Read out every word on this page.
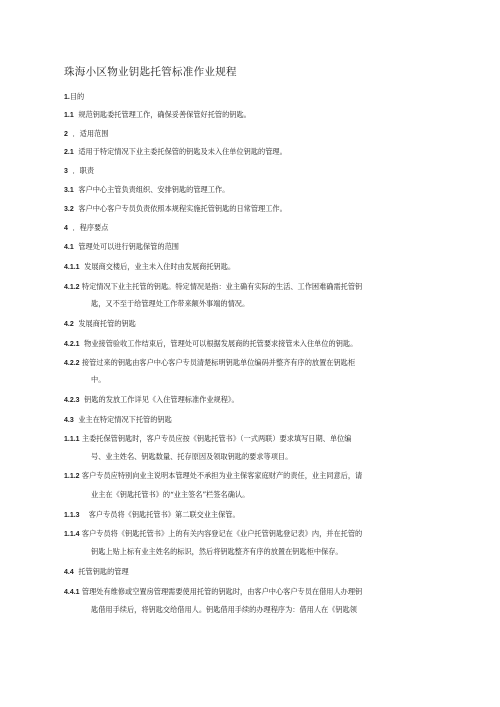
珠海小区物业钥匙托管标准作业规程
1.目的
1.1 规范钥匙委托管理工作，确保妥善保管好托管的钥匙。
2 ．适用范围
2.1 适用于特定情况下业主委托保管的钥匙及未入住单位钥匙的管理。
3 ．职责
3.1 客户中心主管负责组织、安排钥匙的管理工作。
3.2 客户中心客户专员负责依照本规程实施托管钥匙的日常管理工作。
4 ．程序要点
4.1 管理处可以进行钥匙保管的范围
4.1.1 发展商交楼后，业主未入住时由发展商托钥匙。
4.1.2 特定情况下业主托管的钥匙。特定情况是指：业主确有实际的生活、工作困难确需托管钥
匙，又不至于给管理处工作带来额外事端的情况。
4.2 发展商托管的钥匙
4.2.1 物业接管验收工作结束后，管理处可以根据发展商的托管要求接管未入住单位的钥匙。
4.2.2 接管过来的钥匙由客户中心客户专员清楚标明钥匙单位编码并整齐有序的放置在钥匙柜
中。
4.2.3 钥匙的发放工作详见《入住管理标准作业规程》。
4.3 业主在特定情况下托管的钥匙
1.1.1 主委托保管钥匙时，客户专员应按《钥匙托管书》（一式两联）要求填写日期、单位编
号、业主姓名、钥匙数量、托存原因及领取钥匙的要求等项目。
1.1.2 客户专员应特别向业主说明本管理处不承担为业主保客家庭财产的责任，业主同意后，请
业主在《钥匙托管书》的“业主签名”栏签名确认。
1.1.3 客户专员将《钥匙托管书》第二联交业主保管。
1.1.4 客户专员将《钥匙托管书》上的有关内容登记在《业户托管钥匙登记表》内，并在托管的
钥匙上贴上标有业主姓名的标识，然后将钥匙整齐有序的放置在钥匙柜中保存。
4.4 托管钥匙的管理
4.4.1 管理处有维修或空置房管理需要使用托管的钥匙时，由客户中心客户专员在借用人办理钥
匙借用手续后，将钥匙交给借用人。钥匙借用手续的办理程序为：借用人在《钥匙领
